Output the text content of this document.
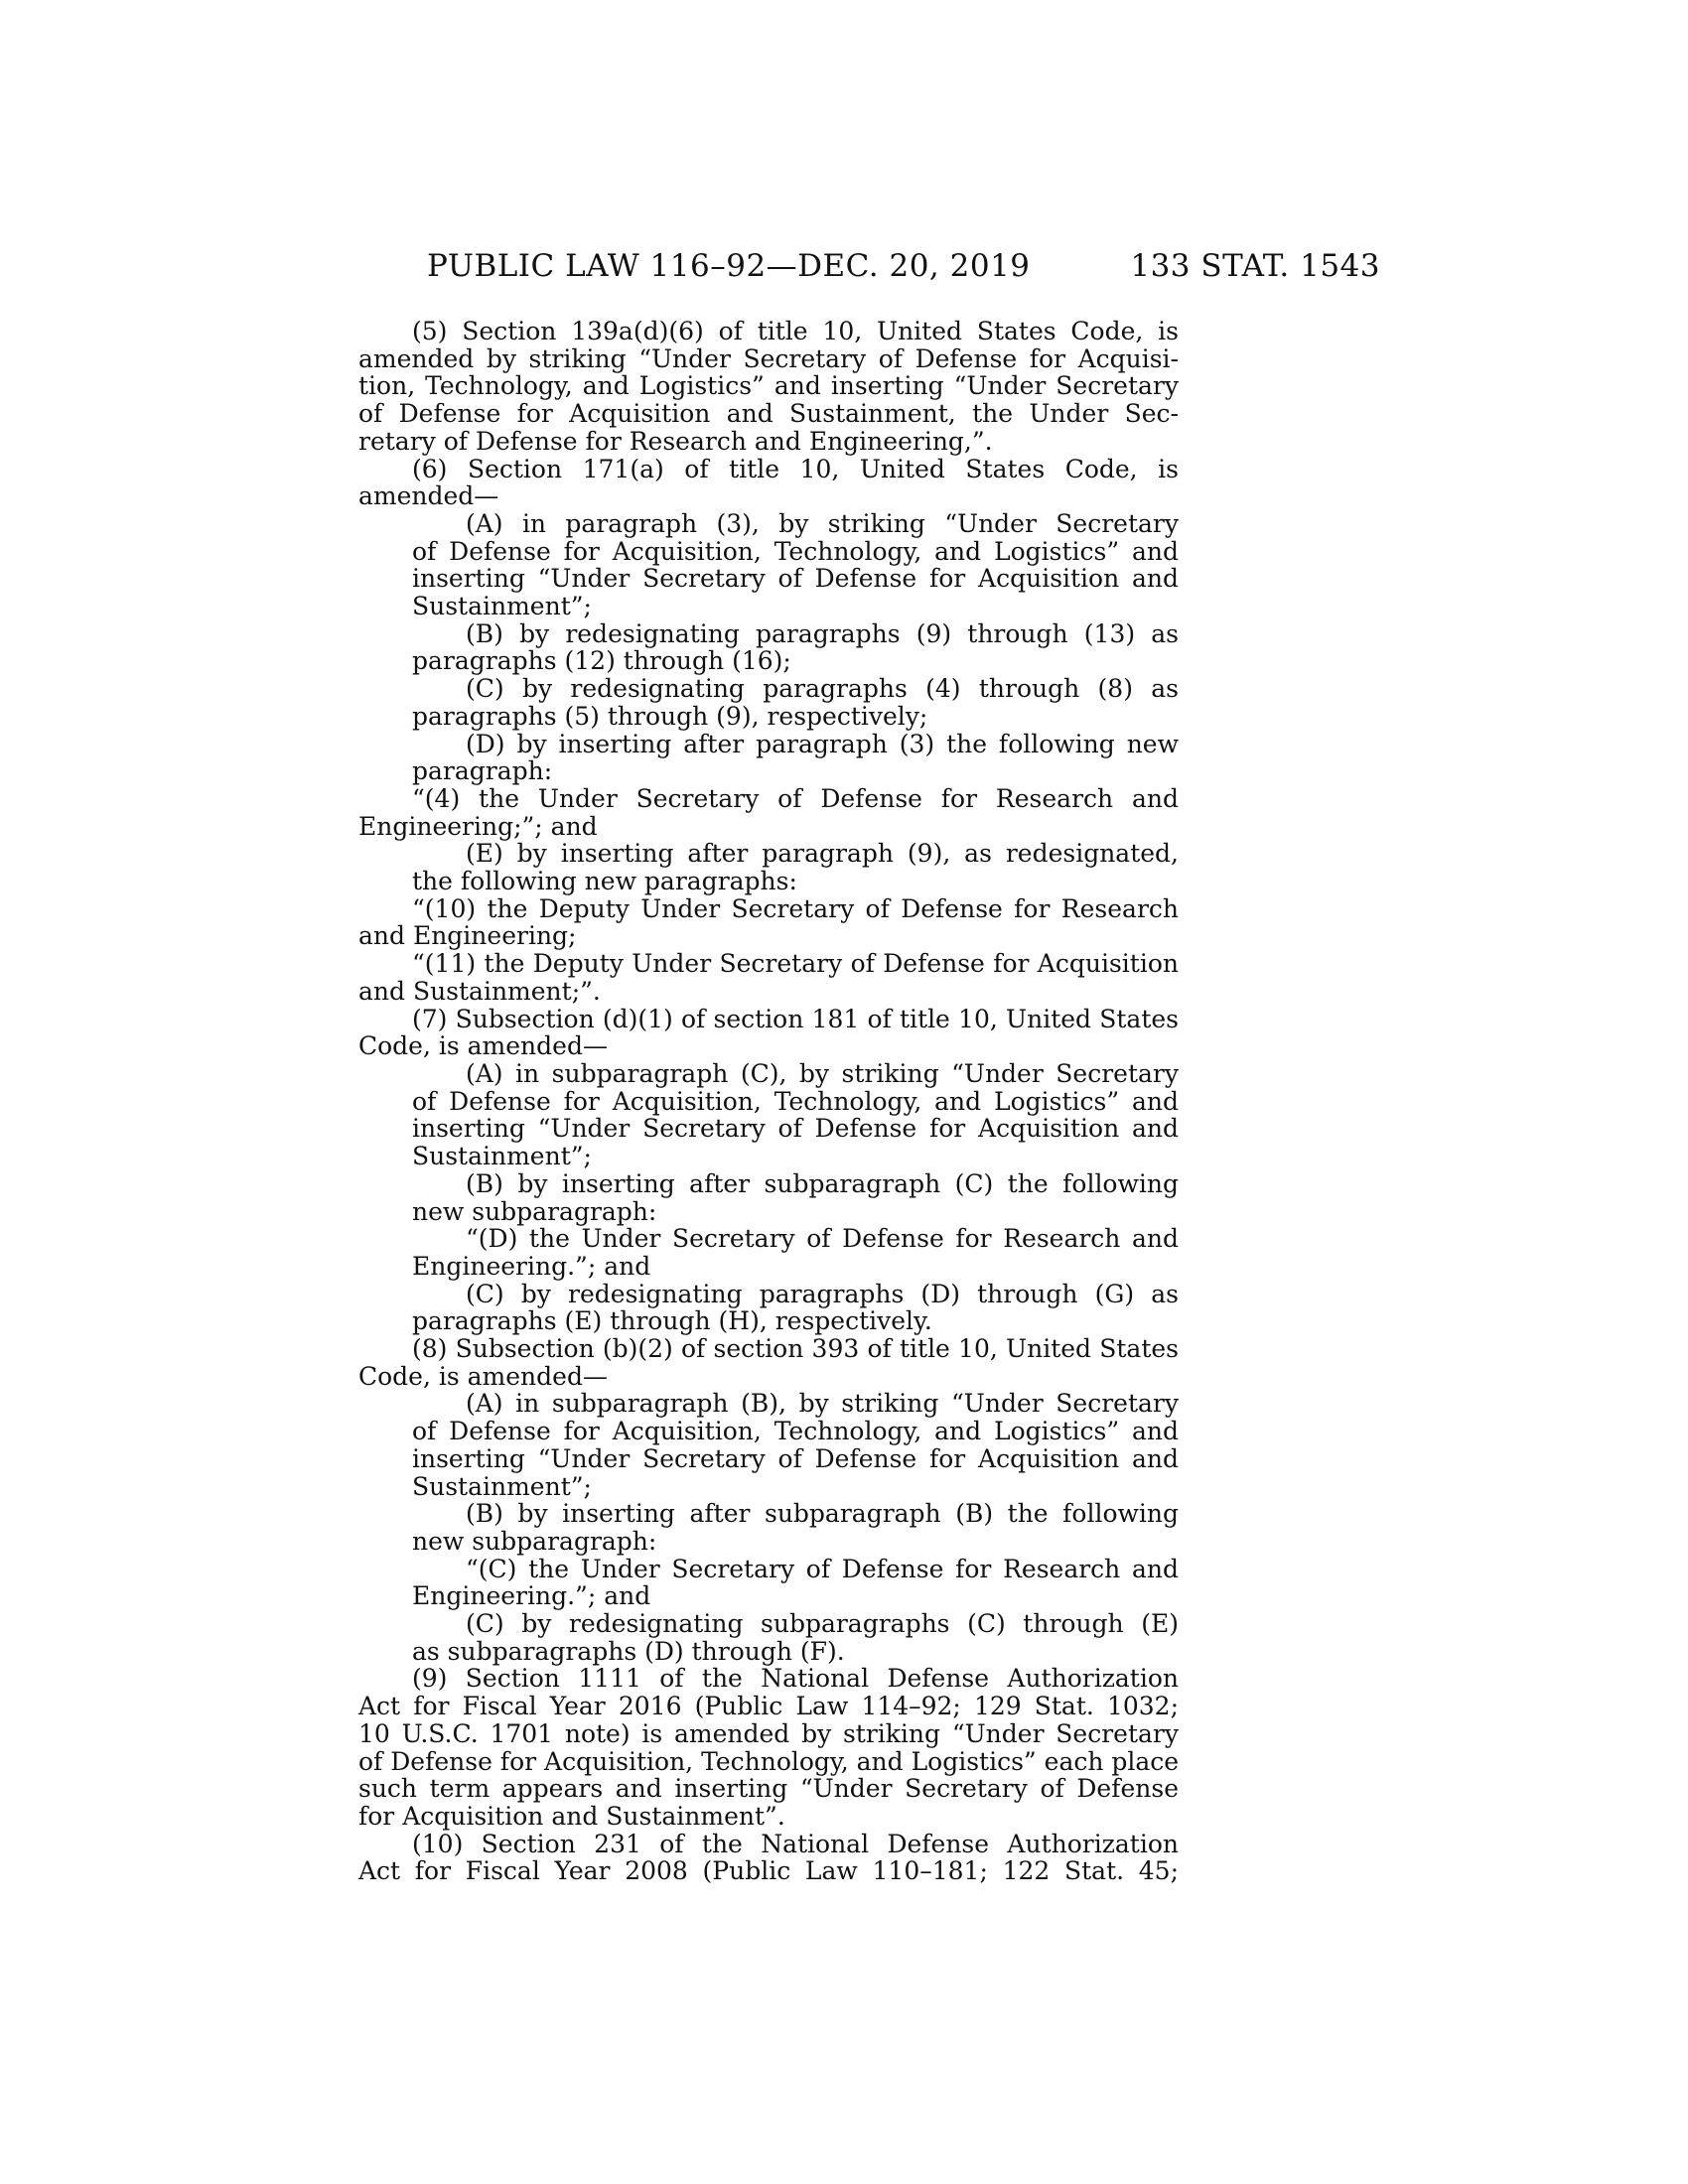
PUBLIC LAW 116–92—DEC. 20, 2019	133 STAT. 1543
(5) Section 139a(d)(6) of title 10, United States Code, is
amended by striking “Under Secretary of Defense for Acquisi-
tion, Technology, and Logistics” and inserting “Under Secretary
of Defense for Acquisition and Sustainment, the Under Sec-
retary of Defense for Research and Engineering,”.
(6) Section 171(a) of title 10, United States Code, is
amended—
(A) in paragraph (3), by striking “Under Secretary
of Defense for Acquisition, Technology, and Logistics” and
inserting “Under Secretary of Defense for Acquisition and
Sustainment”;
(B) by redesignating paragraphs (9) through (13) as
paragraphs (12) through (16);
(C) by redesignating paragraphs (4) through (8) as
paragraphs (5) through (9), respectively;
(D) by inserting after paragraph (3) the following new
paragraph:
“(4) the Under Secretary of Defense for Research and
Engineering;”; and
(E) by inserting after paragraph (9), as redesignated,
the following new paragraphs:
“(10) the Deputy Under Secretary of Defense for Research
and Engineering;
“(11) the Deputy Under Secretary of Defense for Acquisition
and Sustainment;”.
(7) Subsection (d)(1) of section 181 of title 10, United States
Code, is amended—
(A) in subparagraph (C), by striking “Under Secretary
of Defense for Acquisition, Technology, and Logistics” and
inserting “Under Secretary of Defense for Acquisition and
Sustainment”;
(B) by inserting after subparagraph (C) the following
new subparagraph:
“(D) the Under Secretary of Defense for Research and
Engineering.”; and
(C) by redesignating paragraphs (D) through (G) as
paragraphs (E) through (H), respectively.
(8) Subsection (b)(2) of section 393 of title 10, United States
Code, is amended—
(A) in subparagraph (B), by striking “Under Secretary
of Defense for Acquisition, Technology, and Logistics” and
inserting “Under Secretary of Defense for Acquisition and
Sustainment”;
(B) by inserting after subparagraph (B) the following
new subparagraph:
“(C) the Under Secretary of Defense for Research and
Engineering.”; and
(C) by redesignating subparagraphs (C) through (E)
as subparagraphs (D) through (F).
(9) Section 1111 of the National Defense Authorization
Act for Fiscal Year 2016 (Public Law 114–92; 129 Stat. 1032;
10 U.S.C. 1701 note) is amended by striking “Under Secretary
of Defense for Acquisition, Technology, and Logistics” each place
such term appears and inserting “Under Secretary of Defense
for Acquisition and Sustainment”.
(10) Section 231 of the National Defense Authorization
Act for Fiscal Year 2008 (Public Law 110–181; 122 Stat. 45;
